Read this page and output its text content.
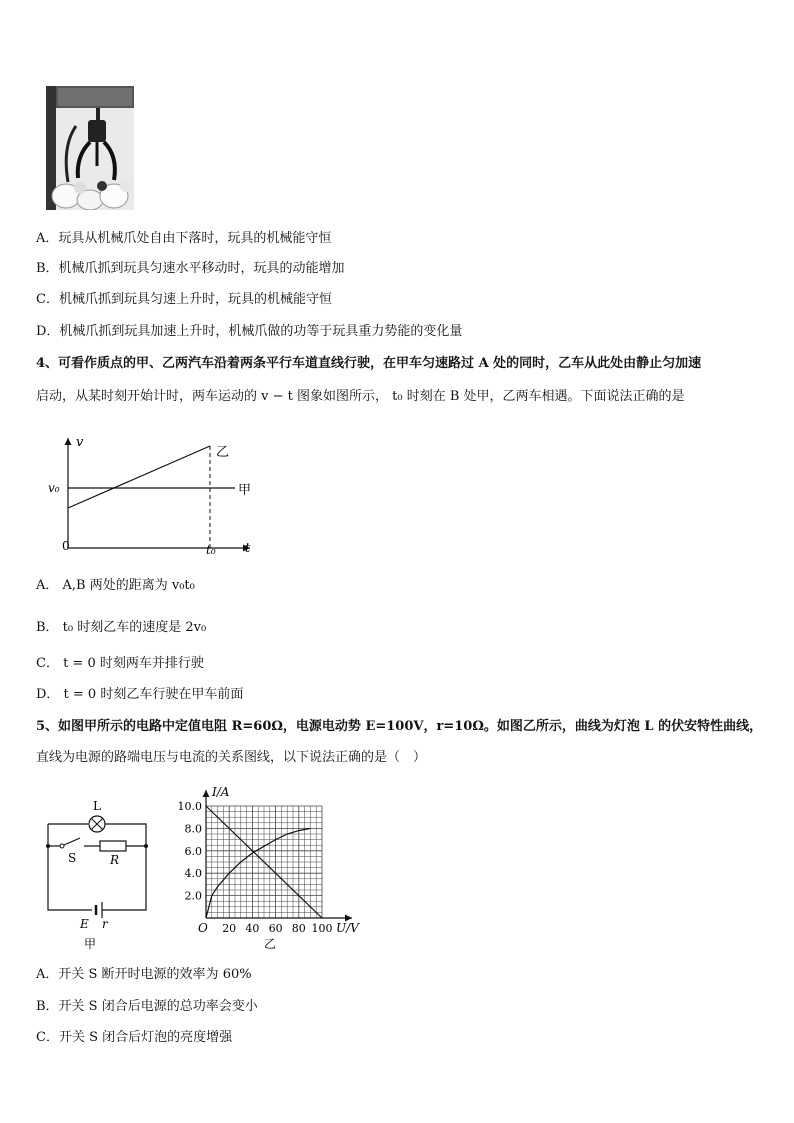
A．玩具从机械爪处自由下落时，玩具的机械能守恒
B．机械爪抓到玩具匀速水平移动时，玩具的动能增加
C．机械爪抓到玩具匀速上升时，玩具的机械能守恒
D．机械爪抓到玩具加速上升时，机械爪做的功等于玩具重力势能的变化量
4、可看作质点的甲、乙两汽车沿着两条平行车道直线行驶，在甲车匀速路过 A 处的同时，乙车从此处由静止匀加速
启动，从某时刻开始计时，两车运动的 v − t 图象如图所示， t₀ 时刻在 B 处甲，乙两车相遇。下面说法正确的是
v
t
v₀
0	t₀
乙
甲
A． A,B 两处的距离为 v₀t₀
B． t₀ 时刻乙车的速度是 2v₀
C． t = 0 时刻两车并排行驶
D． t = 0 时刻乙车行驶在甲车前面
5、如图甲所示的电路中定值电阻 R=60Ω，电源电动势 E=100V，r=10Ω。如图乙所示，曲线为灯泡 L 的伏安特性曲线，
直线为电源的路端电压与电流的关系图线，以下说法正确的是（　）
L
S	R
E r
甲
10.0
8.0
6.0
4.0
2.0
20 40 60 80 100
I/A
U/V
O
乙
A．开关 S 断开时电源的效率为 60%
B．开关 S 闭合后电源的总功率会变小
C．开关 S 闭合后灯泡的亮度增强
